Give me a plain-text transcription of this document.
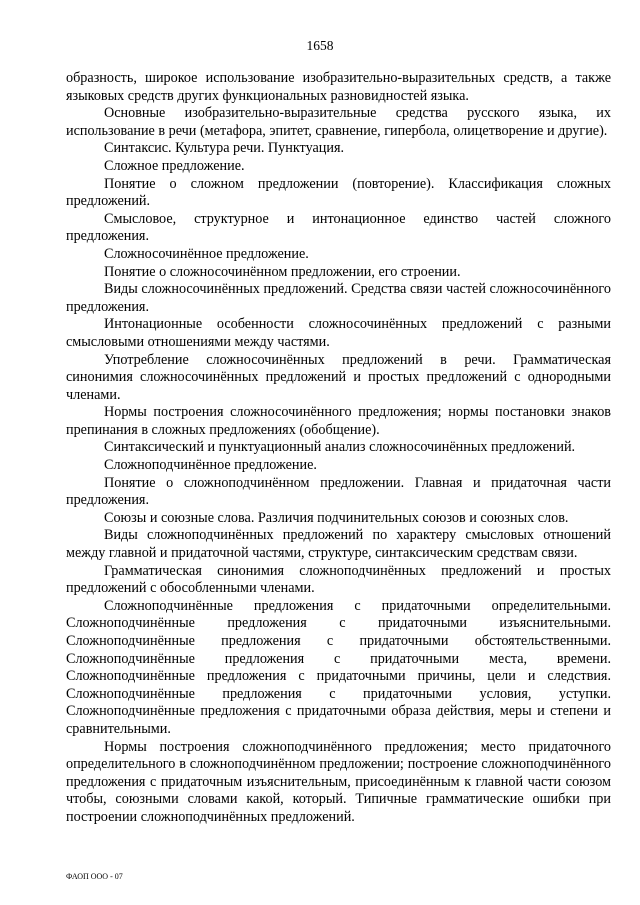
1658

образность, широкое использование изобразительно-выразительных средств, а также языковых средств других функциональных разновидностей языка.

Основные изобразительно-выразительные средства русского языка, их использование в речи (метафора, эпитет, сравнение, гипербола, олицетворение и другие).

Синтаксис. Культура речи. Пунктуация.

Сложное предложение.

Понятие о сложном предложении (повторение). Классификация сложных предложений.

Смысловое, структурное и интонационное единство частей сложного предложения.

Сложносочинённое предложение.

Понятие о сложносочинённом предложении, его строении.

Виды сложносочинённых предложений. Средства связи частей сложносочинённого предложения.

Интонационные особенности сложносочинённых предложений с разными смысловыми отношениями между частями.

Употребление сложносочинённых предложений в речи. Грамматическая синонимия сложносочинённых предложений и простых предложений с однородными членами.

Нормы построения сложносочинённого предложения; нормы постановки знаков препинания в сложных предложениях (обобщение).

Синтаксический и пунктуационный анализ сложносочинённых предложений.

Сложноподчинённое предложение.

Понятие о сложноподчинённом предложении. Главная и придаточная части предложения.

Союзы и союзные слова. Различия подчинительных союзов и союзных слов.

Виды сложноподчинённых предложений по характеру смысловых отношений между главной и придаточной частями, структуре, синтаксическим средствам связи.

Грамматическая синонимия сложноподчинённых предложений и простых предложений с обособленными членами.

Сложноподчинённые предложения с придаточными определительными. Сложноподчинённые предложения с придаточными изъяснительными. Сложноподчинённые предложения с придаточными обстоятельственными. Сложноподчинённые предложения с придаточными места, времени. Сложноподчинённые предложения с придаточными причины, цели и следствия. Сложноподчинённые предложения с придаточными условия, уступки. Сложноподчинённые предложения с придаточными образа действия, меры и степени и сравнительными.

Нормы построения сложноподчинённого предложения; место придаточного определительного в сложноподчинённом предложении; построение сложноподчинённого предложения с придаточным изъяснительным, присоединённым к главной части союзом чтобы, союзными словами какой, который. Типичные грамматические ошибки при построении сложноподчинённых предложений.

ФАОП ООО - 07
